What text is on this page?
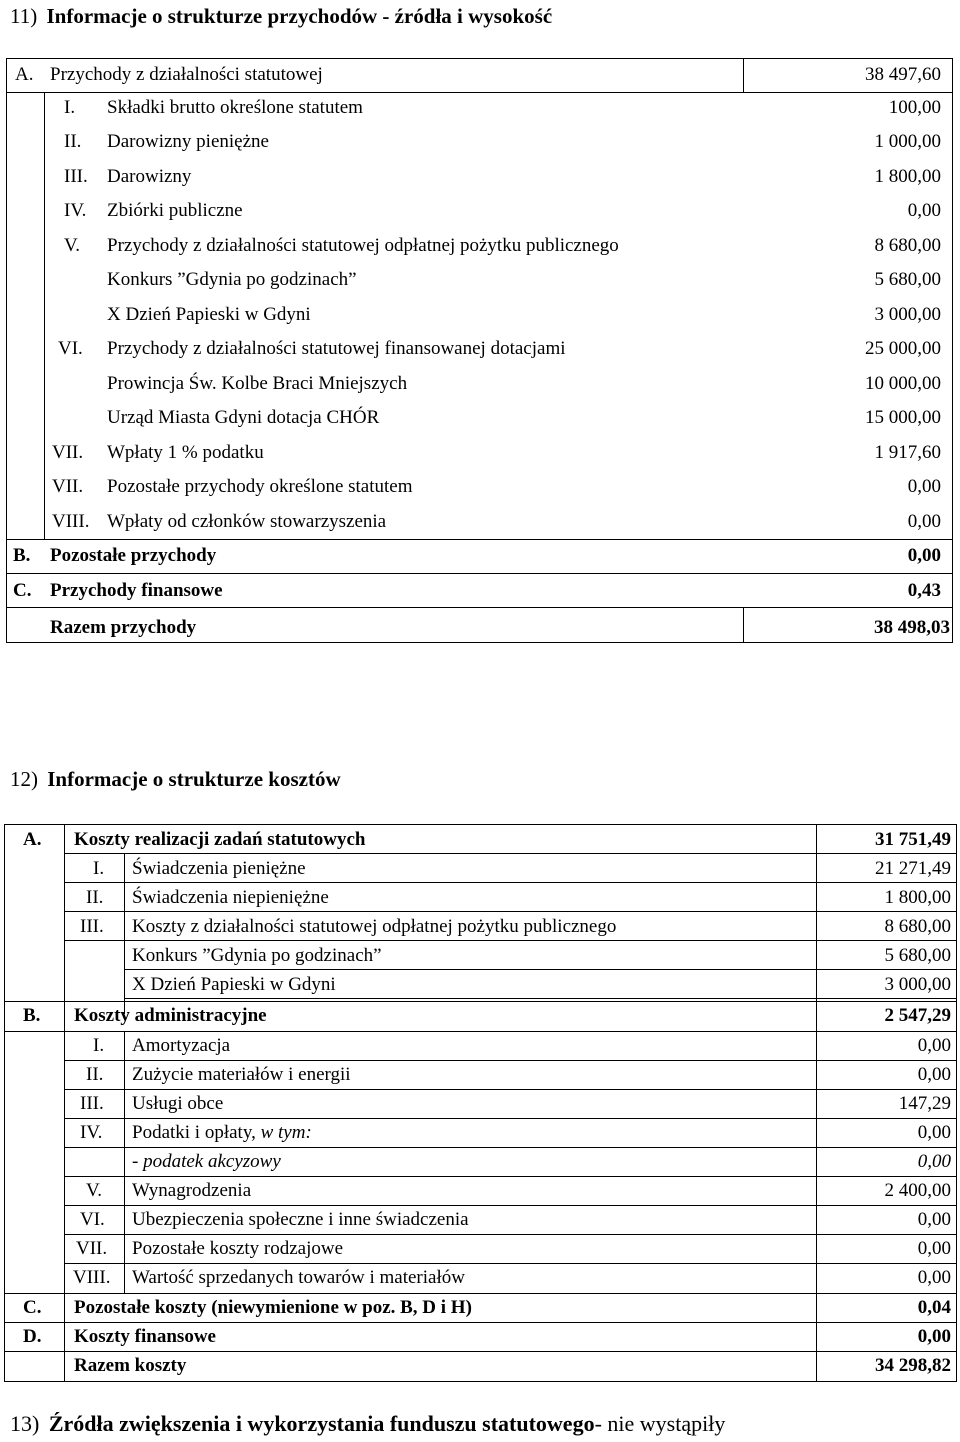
11) Informacje o strukturze przychodów - źródła i wysokość
A. Przychody z działalności statutowej	38 497,60
I. Składki brutto określone statutem	100,00
II. Darowizny pieniężne	1 000,00
III. Darowizny	1 800,00
IV. Zbiórki publiczne	0,00
V. Przychody z działalności statutowej odpłatnej pożytku publicznego	8 680,00
Konkurs ”Gdynia po godzinach”	5 680,00
X Dzień Papieski w Gdyni	3 000,00
VI. Przychody z działalności statutowej finansowanej dotacjami	25 000,00
Prowincja Św. Kolbe Braci Mniejszych	10 000,00
Urząd Miasta Gdyni dotacja CHÓR	15 000,00
VII. Wpłaty 1 % podatku	1 917,60
VII. Pozostałe przychody określone statutem	0,00
VIII. Wpłaty od członków stowarzyszenia	0,00
B. Pozostałe przychody	0,00
C. Przychody finansowe	0,43
Razem przychody	38 498,03
12) Informacje o strukturze kosztów
A. Koszty realizacji zadań statutowych	31 751,49
I. Świadczenia pieniężne	21 271,49
II. Świadczenia niepieniężne	1 800,00
III. Koszty z działalności statutowej odpłatnej pożytku publicznego	8 680,00
Konkurs ”Gdynia po godzinach”	5 680,00
X Dzień Papieski w Gdyni	3 000,00
B. Koszty administracyjne	2 547,29
I. Amortyzacja	0,00
II. Zużycie materiałów i energii	0,00
III. Usługi obce	147,29
IV. Podatki i opłaty, w tym:	0,00
- podatek akcyzowy	0,00
V. Wynagrodzenia	2 400,00
VI. Ubezpieczenia społeczne i inne świadczenia	0,00
VII. Pozostałe koszty rodzajowe	0,00
VIII. Wartość sprzedanych towarów i materiałów	0,00
C. Pozostałe koszty (niewymienione w poz. B, D i H)	0,04
D. Koszty finansowe	0,00
Razem koszty	34 298,82
13) Źródła zwiększenia i wykorzystania funduszu statutowego- nie wystąpiły
